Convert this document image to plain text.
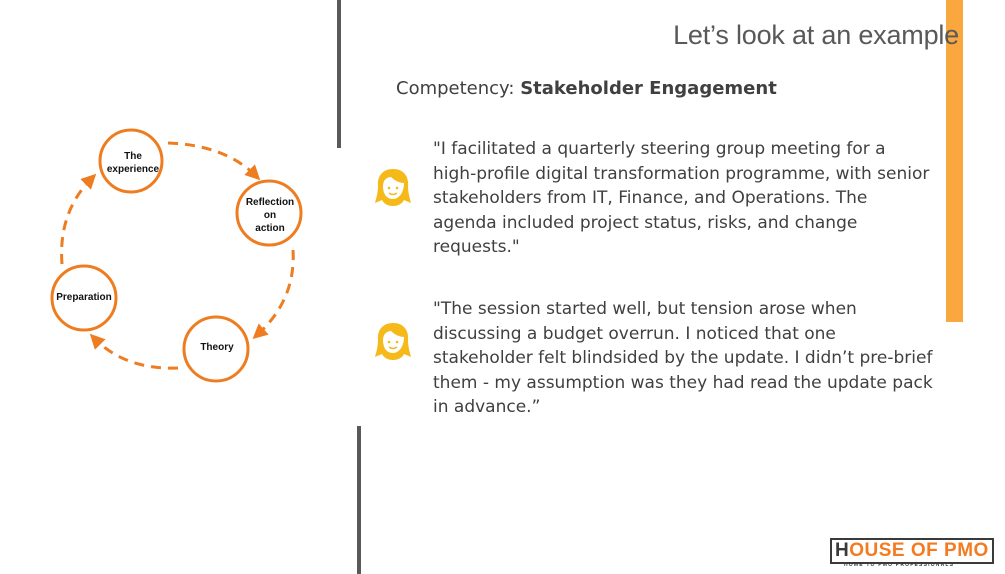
The
experience
Reflection
on
action
Theory
Preparation
Let’s look at an example
Competency: Stakeholder Engagement
"I facilitated a quarterly steering group meeting for a high-profile digital transformation programme, with senior stakeholders from IT, Finance, and Operations. The agenda included project status, risks, and change requests."
"The session started well, but tension arose when discussing a budget overrun. I noticed that one stakeholder felt blindsided by the update. I didn’t pre-brief them - my assumption was they had read the update pack in advance.”
HOUSE OF PMO
HOME TO PMO PROFESSIONALS
